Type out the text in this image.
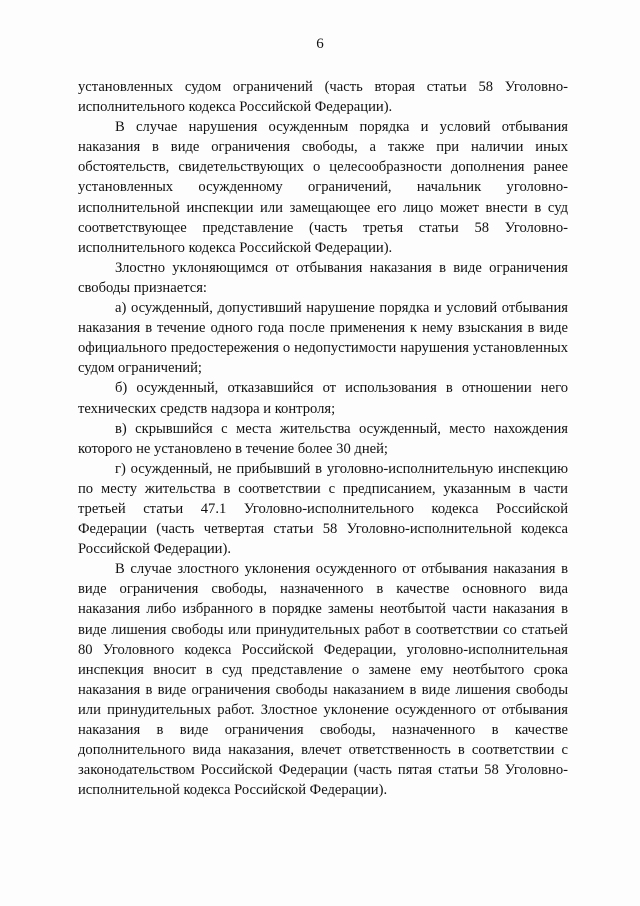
6

установленных судом ограничений (часть вторая статьи 58 Уголовно-исполнительного кодекса Российской Федерации).

В случае нарушения осужденным порядка и условий отбывания наказания в виде ограничения свободы, а также при наличии иных обстоятельств, свидетельствующих о целесообразности дополнения ранее установленных осужденному ограничений, начальник уголовно-исполнительной инспекции или замещающее его лицо может внести в суд соответствующее представление (часть третья статьи 58 Уголовно-исполнительного кодекса Российской Федерации).

Злостно уклоняющимся от отбывания наказания в виде ограничения свободы признается:

а) осужденный, допустивший нарушение порядка и условий отбывания наказания в течение одного года после применения к нему взыскания в виде официального предостережения о недопустимости нарушения установленных судом ограничений;

б) осужденный, отказавшийся от использования в отношении него технических средств надзора и контроля;

в) скрывшийся с места жительства осужденный, место нахождения которого не установлено в течение более 30 дней;

г) осужденный, не прибывший в уголовно-исполнительную инспекцию по месту жительства в соответствии с предписанием, указанным в части третьей статьи 47.1 Уголовно-исполнительного кодекса Российской Федерации (часть четвертая статьи 58 Уголовно-исполнительной кодекса Российской Федерации).

В случае злостного уклонения осужденного от отбывания наказания в виде ограничения свободы, назначенного в качестве основного вида наказания либо избранного в порядке замены неотбытой части наказания в виде лишения свободы или принудительных работ в соответствии со статьей 80 Уголовного кодекса Российской Федерации, уголовно-исполнительная инспекция вносит в суд представление о замене ему неотбытого срока наказания в виде ограничения свободы наказанием в виде лишения свободы или принудительных работ. Злостное уклонение осужденного от отбывания наказания в виде ограничения свободы, назначенного в качестве дополнительного вида наказания, влечет ответственность в соответствии с законодательством Российской Федерации (часть пятая статьи 58 Уголовно-исполнительной кодекса Российской Федерации).
